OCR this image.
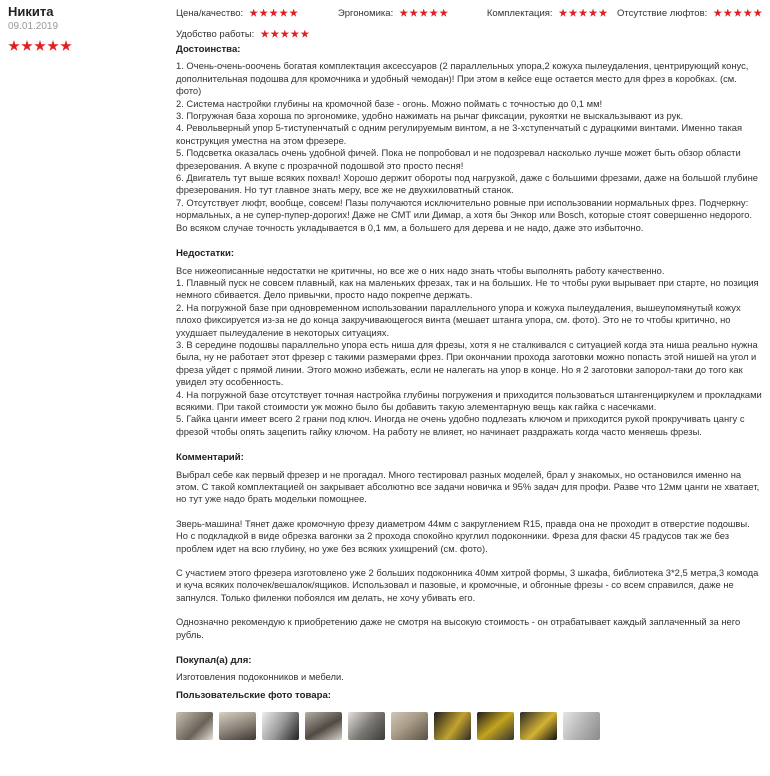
Никита
09.01.2019
Цена/качество:	Эргономика:	Комплектация:	Отсутствие люфтов:
Удобство работы:
Достоинства:

1. Очень-очень-ооочень богатая комплектация аксессуаров (2 параллельных упора,2 кожуха пылеудаления, центрирующий конус, дополнительная подошва для кромочника и удобный чемодан)! При этом в кейсе еще остается место для фрез в коробках. (см. фото)
2. Система настройки глубины на кромочной базе - огонь. Можно поймать с точностью до 0,1 мм!
3. Погружная база хороша по эргономике, удобно нажимать на рычаг фиксации, рукоятки не выскальзывают из рук.
4. Револьверный упор 5-тиступенчатый с одним регулируемым винтом, а не 3-хступенчатый с дурацкими винтами. Именно такая конструкция уместна на этом фрезере.
5. Подсветка оказалась очень удобной фичей. Пока не попробовал и не подозревал насколько лучше может быть обзор области фрезерования. А вкупе с прозрачной подошвой это просто песня!
6. Двигатель тут выше всяких похвал! Хорошо держит обороты под нагрузкой, даже с большими фрезами, даже на большой глубине фрезерования. Но тут главное знать меру, все же не двухкиловатный станок.
7. Отсутствует люфт, вообще, совсем! Пазы получаются исключительно ровные при использовании нормальных фрез. Подчеркну: нормальных, а не супер-пупер-дорогих! Даже не СМТ или Димар, а хотя бы Энкор или Bosch, которые стоят совершенно недорого. Во всяком случае точность укладывается в 0,1 мм, а большего для дерева и не надо, даже это избыточно.

Недостатки:

Все нижеописанные недостатки не критичны, но все же о них надо знать чтобы выполнять работу качественно.
1. Плавный пуск не совсем плавный, как на маленьких фрезах, так и на больших. Не то чтобы руки вырывает при старте, но позиция немного сбивается. Дело привычки, просто надо покрепче держать.
2. На погружной базе при одновременном использовании параллельного упора и кожуха пылеудаления, вышеупомянутый кожух плохо фиксируется из-за не до конца закручивающегося винта (мешает штанга упора, см. фото). Это не то чтобы критично, но ухудшает пылеудаление в некоторых ситуациях.
3. В середине подошвы параллельно упора есть ниша для фрезы, хотя я не сталкивался с ситуацией когда эта ниша реально нужна была, ну не работает этот фрезер с такими размерами фрез. При окончании прохода заготовки можно попасть этой нишей на угол и фреза уйдет с прямой линии. Этого можно избежать, если не налегать на упор в конце. Но я 2 заготовки запорол-таки до того как увидел эту особенность.
4. На погружной базе отсутствует точная настройка глубины погружения и приходится пользоваться штангенциркулем и прокладками всякими. При такой стоимости уж можно было бы добавить такую элементарную вещь как гайка с насечками.
5. Гайка цанги имеет всего 2 грани под ключ. Иногда не очень удобно подлезать ключом и приходится рукой прокручивать цангу с фрезой чтобы опять зацепить гайку ключом. На работу не влияет, но начинает раздражать когда часто меняешь фрезы.

Комментарий:

Выбрал себе как первый фрезер и не прогадал. Много тестировал разных моделей, брал у знакомых, но остановился именно на этом. С такой комплектацией он закрывает абсолютно все задачи новичка и 95% задач для профи. Разве что 12мм цанги не хватает, но тут уже надо брать модельки помощнее.

Зверь-машина! Тянет даже кромочную фрезу диаметром 44мм с закруглением R15, правда она не проходит в отверстие подошвы. Но с подкладкой в виде обрезка вагонки за 2 прохода спокойно круглил подоконники. Фреза для фаски 45 градусов так же без проблем идет на всю глубину, но уже без всяких ухищрений (см. фото).

С участием этого фрезера изготовлено уже 2 больших подоконника 40мм хитрой формы, 3 шкафа, библиотека 3*2,5 метра,3 комода и куча всяких полочек/вешалок/ящиков. Использовал и пазовые, и кромочные, и обгонные фрезы - со всем справился, даже не запнулся. Только филенки побоялся им делать, не хочу убивать его.

Однозначно рекомендую к приобретению даже не смотря на высокую стоимость - он отрабатывает каждый заплаченный за него рубль.

Покупал(а) для:

Изготовления подоконников и мебели.

Пользовательские фото товара:
